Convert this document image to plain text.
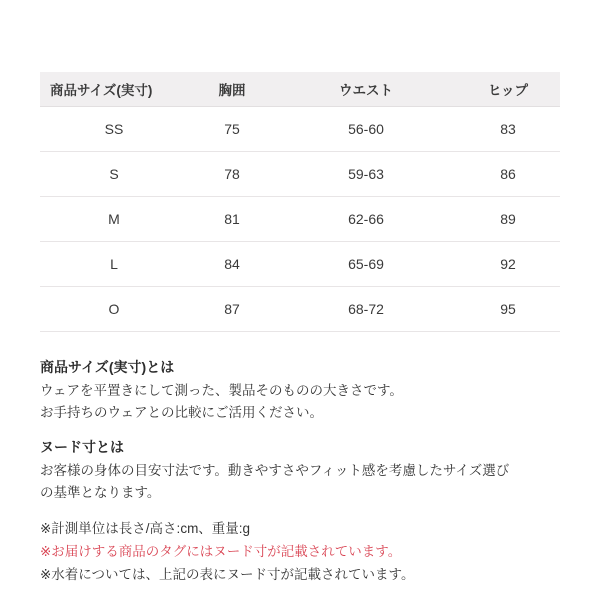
商品サイズ(実寸)	胸囲	ウエスト	ヒップ
SS	75	56-60	83
S	78	59-63	86
M	81	62-66	89
L	84	65-69	92
O	87	68-72	95

商品サイズ(実寸)とは

ウェアを平置きにして測った、製品そのものの大きさです。

お手持ちのウェアとの比較にご活用ください。

ヌード寸とは

お客様の身体の目安寸法です。動きやすさやフィット感を考慮したサイズ選び

の基準となります。

※計測単位は長さ/高さ:cm、重量:g

※お届けする商品のタグにはヌード寸が記載されています。

※水着については、上記の表にヌード寸が記載されています。
